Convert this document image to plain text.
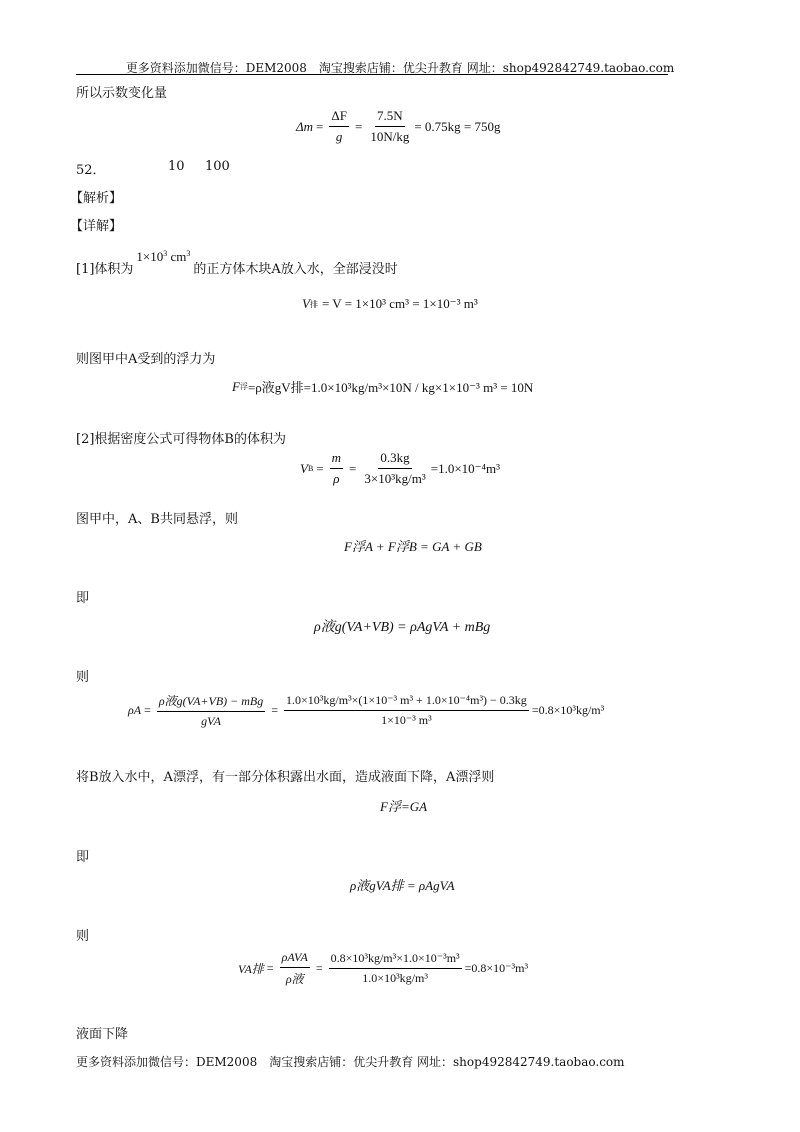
更多资料添加微信号：DEM2008　淘宝搜索店铺：优尖升教育 网址：shop492842749.taobao.com
所以示数变化量
$\Delta m = \frac{\Delta F}{g} = \frac{7.5N}{10N/kg} = 0.75kg = 750g$
52．	10 100
【解析】
【详解】
[1]体积为
$1\times 10^3$ $cm^3$
的正方体木块A放入水，全部浸没时
V 排 = V = 1×10³ cm³ = 1×10⁻³ m³
则图甲中A受到的浮力为
F 浮 =ρ液gV排=1.0×10³kg/m³×10N / kg×1×10⁻³ m³ = 10N
[2]根据密度公式可得物体B的体积为
V $B = \frac{m}{\rho} = \frac{0.3kg}{\text{3×10³kg/m³}} =1.0\times 10^{-4}m^3$
图甲中，A、B共同悬浮，则
F浮A + F浮B = GA + GB
即
ρ液g(VA+VB) = ρAgVA + mBg
则
$\rho A = \frac{\text{ρ液g(VA+VB) − mBg}}{\text{gVA}} = \frac{\text{1.0×10³kg/m³×(1×10⁻³ m³ + 1.0×10⁻⁴m³) − 0.3kg}}{\text{1×10⁻³ m³}} =0.8\times 10^3kg/m^3$
将B放入水中，A漂浮，有一部分体积露出水面，造成液面下降，A漂浮则
F浮=GA
即
ρ液gVA排 = ρAgVA
则
VA排 = $\frac{\text{ρAVA}}{\text{ρ液}} = \frac{\text{0.8×10³kg/m³×1.0×10⁻³m³}}{\text{1.0×10³kg/m³}} =0.8\times 10^{-3}m^3$
液面下降
更多资料添加微信号：DEM2008　淘宝搜索店铺：优尖升教育 网址：shop492842749.taobao.com
